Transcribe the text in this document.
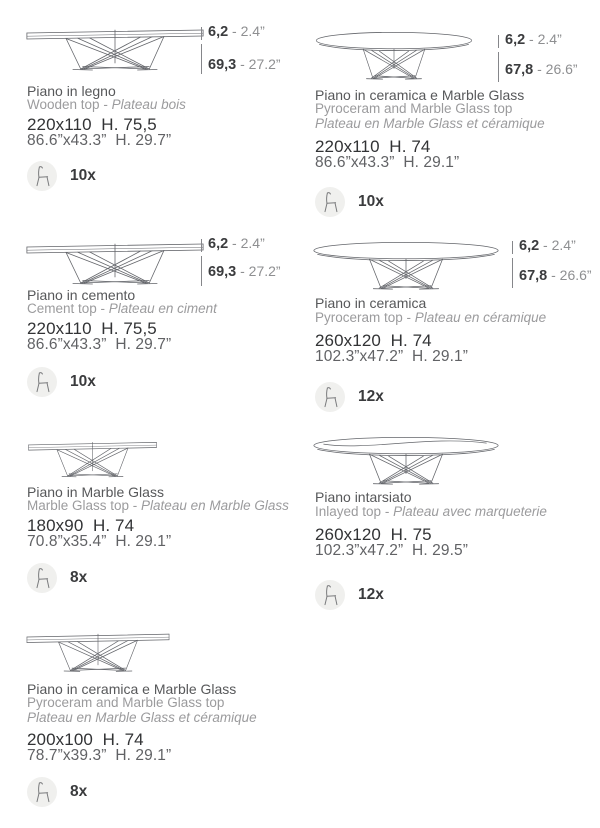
6,2 - 2.4”
69,3 - 27.2”
Piano in legno
Wooden top - Plateau bois
220x110  H. 75,5
86.6”x43.3”  H. 29.7”
10x
6,2 - 2.4”
69,3 - 27.2”
Piano in cemento
Cement top - Plateau en ciment
220x110  H. 75,5
86.6”x43.3”  H. 29.7”
10x
Piano in Marble Glass
Marble Glass top - Plateau en Marble Glass
180x90  H. 74
70.8”x35.4”  H. 29.1”
8x
Piano in ceramica e Marble Glass
Pyroceram and Marble Glass top
Plateau en Marble Glass et céramique
200x100  H. 74
78.7”x39.3”  H. 29.1”
8x
6,2 - 2.4”
67,8 - 26.6”
Piano in ceramica e Marble Glass
Pyroceram and Marble Glass top
Plateau en Marble Glass et céramique
220x110  H. 74
86.6”x43.3”  H. 29.1”
10x
6,2 - 2.4”
67,8 - 26.6”
Piano in ceramica
Pyroceram top - Plateau en céramique
260x120  H. 74
102.3”x47.2”  H. 29.1”
12x
Piano intarsiato
Inlayed top - Plateau avec marqueterie
260x120  H. 75
102.3”x47.2”  H. 29.5”
12x
